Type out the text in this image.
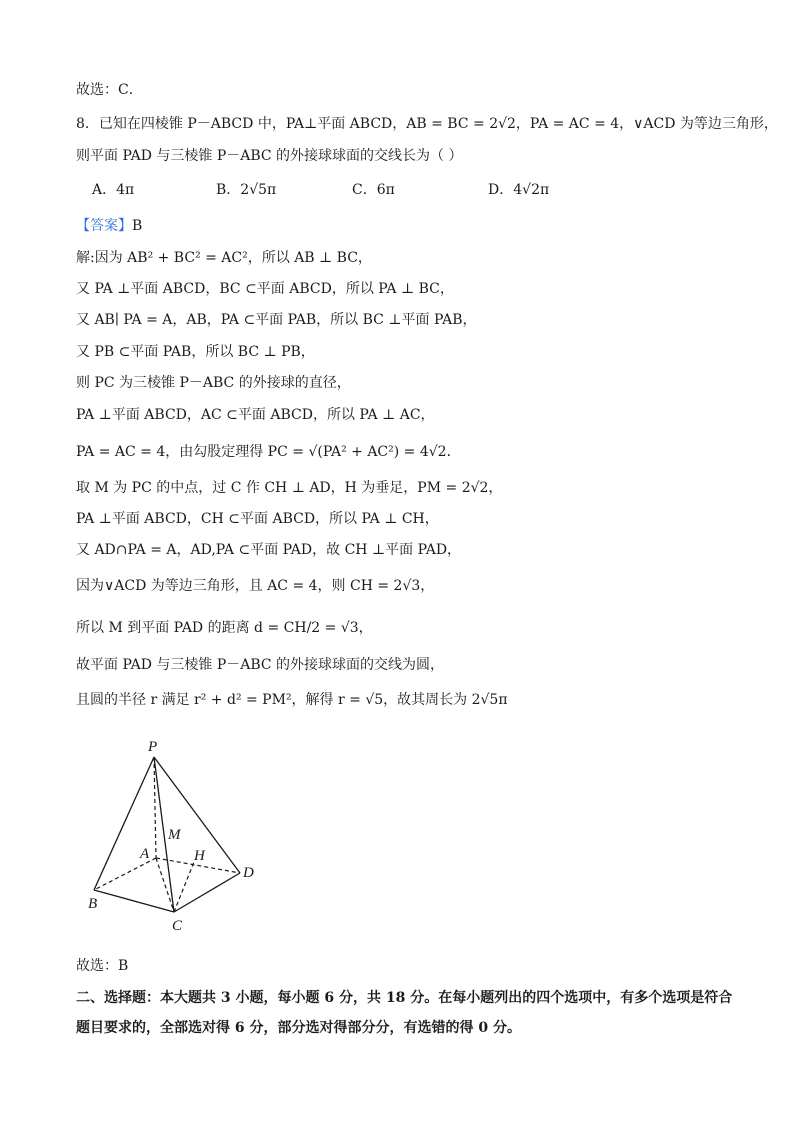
故选：C．
8．已知在四棱锥 P－ABCD 中，PA⊥平面 ABCD，AB = BC = 2√2，PA = AC = 4，∨ACD 为等边三角形，
则平面 PAD 与三棱锥 P－ABC 的外接球球面的交线长为（ ）
A．4π	B．2√5π	C．6π	D．4√2π
【答案】B
解:因为 AB² + BC² = AC²，所以 AB ⊥ BC，
又 PA ⊥平面 ABCD，BC ⊂平面 ABCD，所以 PA ⊥ BC，
又 AB∣ PA = A，AB，PA ⊂平面 PAB，所以 BC ⊥平面 PAB，
又 PB ⊂平面 PAB，所以 BC ⊥ PB，
则 PC 为三棱锥 P－ABC 的外接球的直径，
PA ⊥平面 ABCD，AC ⊂平面 ABCD，所以 PA ⊥ AC，
PA = AC = 4，由勾股定理得 PC = √(PA² + AC²) = 4√2．
取 M 为 PC 的中点，过 C 作 CH ⊥ AD，H 为垂足，PM = 2√2，
PA ⊥平面 ABCD，CH ⊂平面 ABCD，所以 PA ⊥ CH，
又 AD∩PA = A，AD,PA ⊂平面 PAD，故 CH ⊥平面 PAD，
因为∨ACD 为等边三角形，且 AC = 4，则 CH = 2√3，
所以 M 到平面 PAD 的距离 d = CH/2 = √3，
故平面 PAD 与三棱锥 P－ABC 的外接球球面的交线为圆，
且圆的半径 r 满足 r² + d² = PM²，解得 r = √5，故其周长为 2√5π
P
M
A	H
D
B
C
故选：B
二、选择题：本大题共 3 小题，每小题 6 分，共 18 分。在每小题列出的四个选项中，有多个选项是符合
题目要求的，全部选对得 6 分，部分选对得部分分，有选错的得 0 分。
